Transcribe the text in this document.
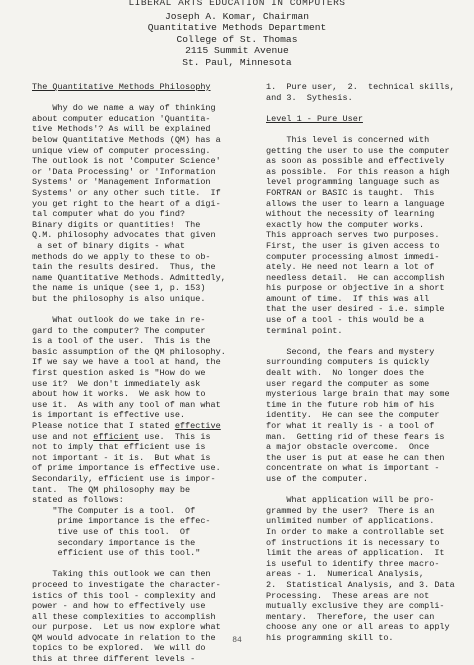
LIBERAL ARTS EDUCATION IN COMPUTERS
Joseph A. Komar, Chairman
Quantitative Methods Department
College of St. Thomas
2115 Summit Avenue
St. Paul, Minnesota
The Quantitative Methods Philosophy
Why do we name a way of thinking
about computer education 'Quantita-
tive Methods'? As will be explained
below Quantitative Methods (QM) has a
unique view of computer processing.
The outlook is not 'Computer Science'
or 'Data Processing' or 'Information
Systems' or 'Management Information
Systems' or any other such title.  If
you get right to the heart of a digi-
tal computer what do you find?
Binary digits or quantities!  The
Q.M. philosophy advocates that given
a set of binary digits - what
methods do we apply to these to ob-
tain the results desired.  Thus, the
name Quantitative Methods. Admittedly,
the name is unique (see 1, p. 153)
but the philosophy is also unique.
What outlook do we take in re-
gard to the computer? The computer
is a tool of the user.  This is the
basic assumption of the QM philosophy.
If we say we have a tool at hand, the
first question asked is "How do we
use it?  We don't immediately ask
about how it works.  We ask how to
use it.  As with any tool of man what
is important is effective use.
Please notice that I stated effective
use and not efficient use.  This is
not to imply that efficient use is
not important - it is.  But what is
of prime importance is effective use.
Secondarily, efficient use is impor-
tant.  The QM philosophy may be
stated as follows:
"The Computer is a tool.  Of
prime importance is the effec-
tive use of this tool.  Of
secondary importance is the
efficient use of this tool."
Taking this outlook we can then
proceed to investigate the character-
istics of this tool - complexity and
power - and how to effectively use
all these complexities to accomplish
our purpose.  Let us now explore what
QM would advocate in relation to the
topics to be explored.  We will do
this at three different levels -
1.  Pure user,  2.  technical skills,
and 3.  Sythesis.
Level 1 - Pure User
This level is concerned with
getting the user to use the computer
as soon as possible and effectively
as possible.  For this reason a high
level programming language such as
FORTRAN or BASIC is taught.  This
allows the user to learn a language
without the necessity of learning
exactly how the computer works.
This approach serves two purposes.
First, the user is given access to
computer processing almost immedi-
ately. He need not learn a lot of
needless detail.  He can accomplish
his purpose or objective in a short
amount of time.  If this was all
that the user desired - i.e. simple
use of a tool - this would be a
terminal point.
Second, the fears and mystery
surrounding computers is quickly
dealt with.  No longer does the
user regard the computer as some
mysterious large brain that may some
time in the future rob him of his
identity.  He can see the computer
for what it really is - a tool of
man.  Getting rid of these fears is
a major obstacle overcome.  Once
the user is put at ease he can then
concentrate on what is important -
use of the computer.
What application will be pro-
grammed by the user?  There is an
unlimited number of applications.
In order to make a controllable set
of instructions it is necessary to
limit the areas of application.  It
is useful to identify three macro-
areas - 1.  Numerical Analysis,
2.  Statistical Analysis, and 3. Data
Processing.  These areas are not
mutually exclusive they are compli-
mentary.  Therefore, the user can
choose any one or all areas to apply
his programming skill to.
84
